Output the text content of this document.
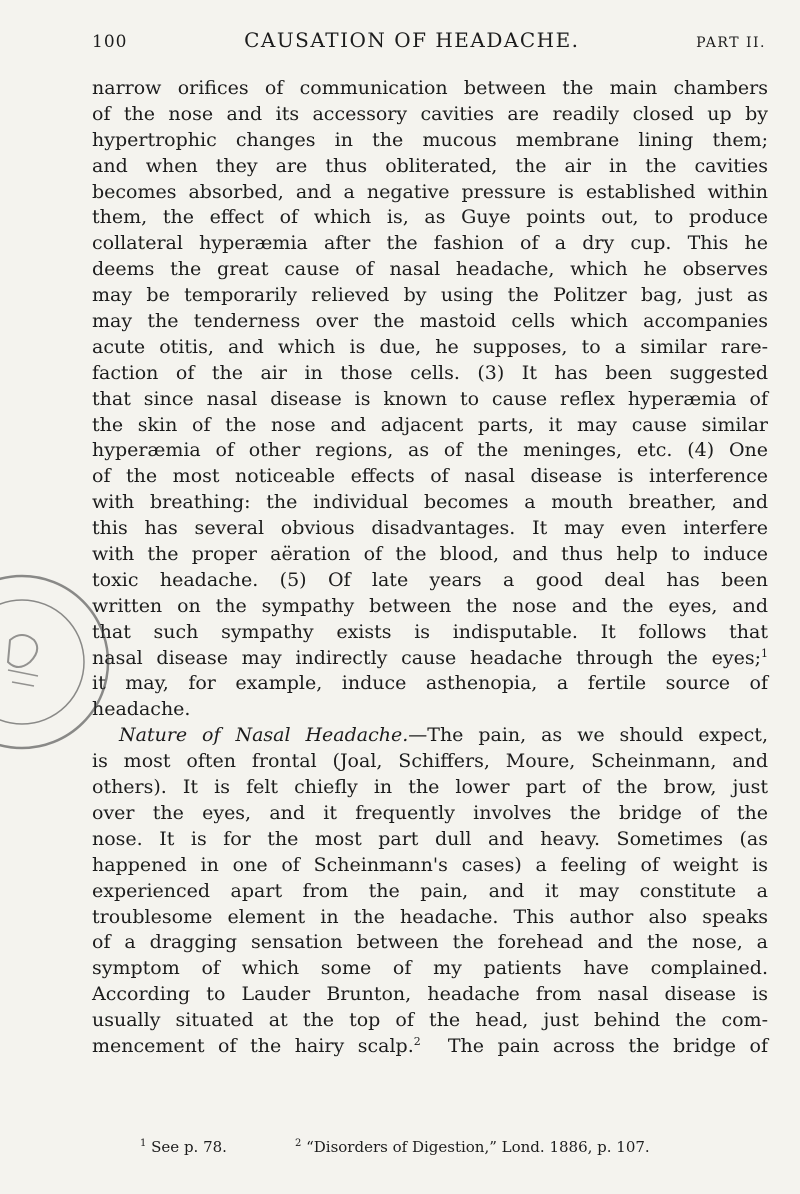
100	CAUSATION OF HEADACHE.	PART II.
narrow orifices of communication between the main chambers
of the nose and its accessory cavities are readily closed up by
hypertrophic changes in the mucous membrane lining them;
and when they are thus obliterated, the air in the cavities
becomes absorbed, and a negative pressure is established within
them, the effect of which is, as Guye points out, to produce
collateral hyperæmia after the fashion of a dry cup. This he
deems the great cause of nasal headache, which he observes
may be temporarily relieved by using the Politzer bag, just as
may the tenderness over the mastoid cells which accompanies
acute otitis, and which is due, he supposes, to a similar rare-
faction of the air in those cells. (3) It has been suggested
that since nasal disease is known to cause reflex hyperæmia of
the skin of the nose and adjacent parts, it may cause similar
hyperæmia of other regions, as of the meninges, etc. (4) One
of the most noticeable effects of nasal disease is interference
with breathing: the individual becomes a mouth breather, and
this has several obvious disadvantages. It may even interfere
with the proper aëration of the blood, and thus help to induce
toxic headache. (5) Of late years a good deal has been
written on the sympathy between the nose and the eyes, and
that such sympathy exists is indisputable. It follows that
nasal disease may indirectly cause headache through the eyes;$^1$
it may, for example, induce asthenopia, a fertile source of
headache.
Nature of Nasal Headache.—The pain, as we should expect,
is most often frontal (Joal, Schiffers, Moure, Scheinmann, and
others). It is felt chiefly in the lower part of the brow, just
over the eyes, and it frequently involves the bridge of the
nose. It is for the most part dull and heavy. Sometimes (as
happened in one of Scheinmann's cases) a feeling of weight is
experienced apart from the pain, and it may constitute a
troublesome element in the headache. This author also speaks
of a dragging sensation between the forehead and the nose, a
symptom of which some of my patients have complained.
According to Lauder Brunton, headache from nasal disease is
usually situated at the top of the head, just behind the com-
mencement of the hairy scalp.$^2$  The pain across the bridge of
$^1$ See p. 78.	$^2$ “Disorders of Digestion,” Lond. 1886, p. 107.
